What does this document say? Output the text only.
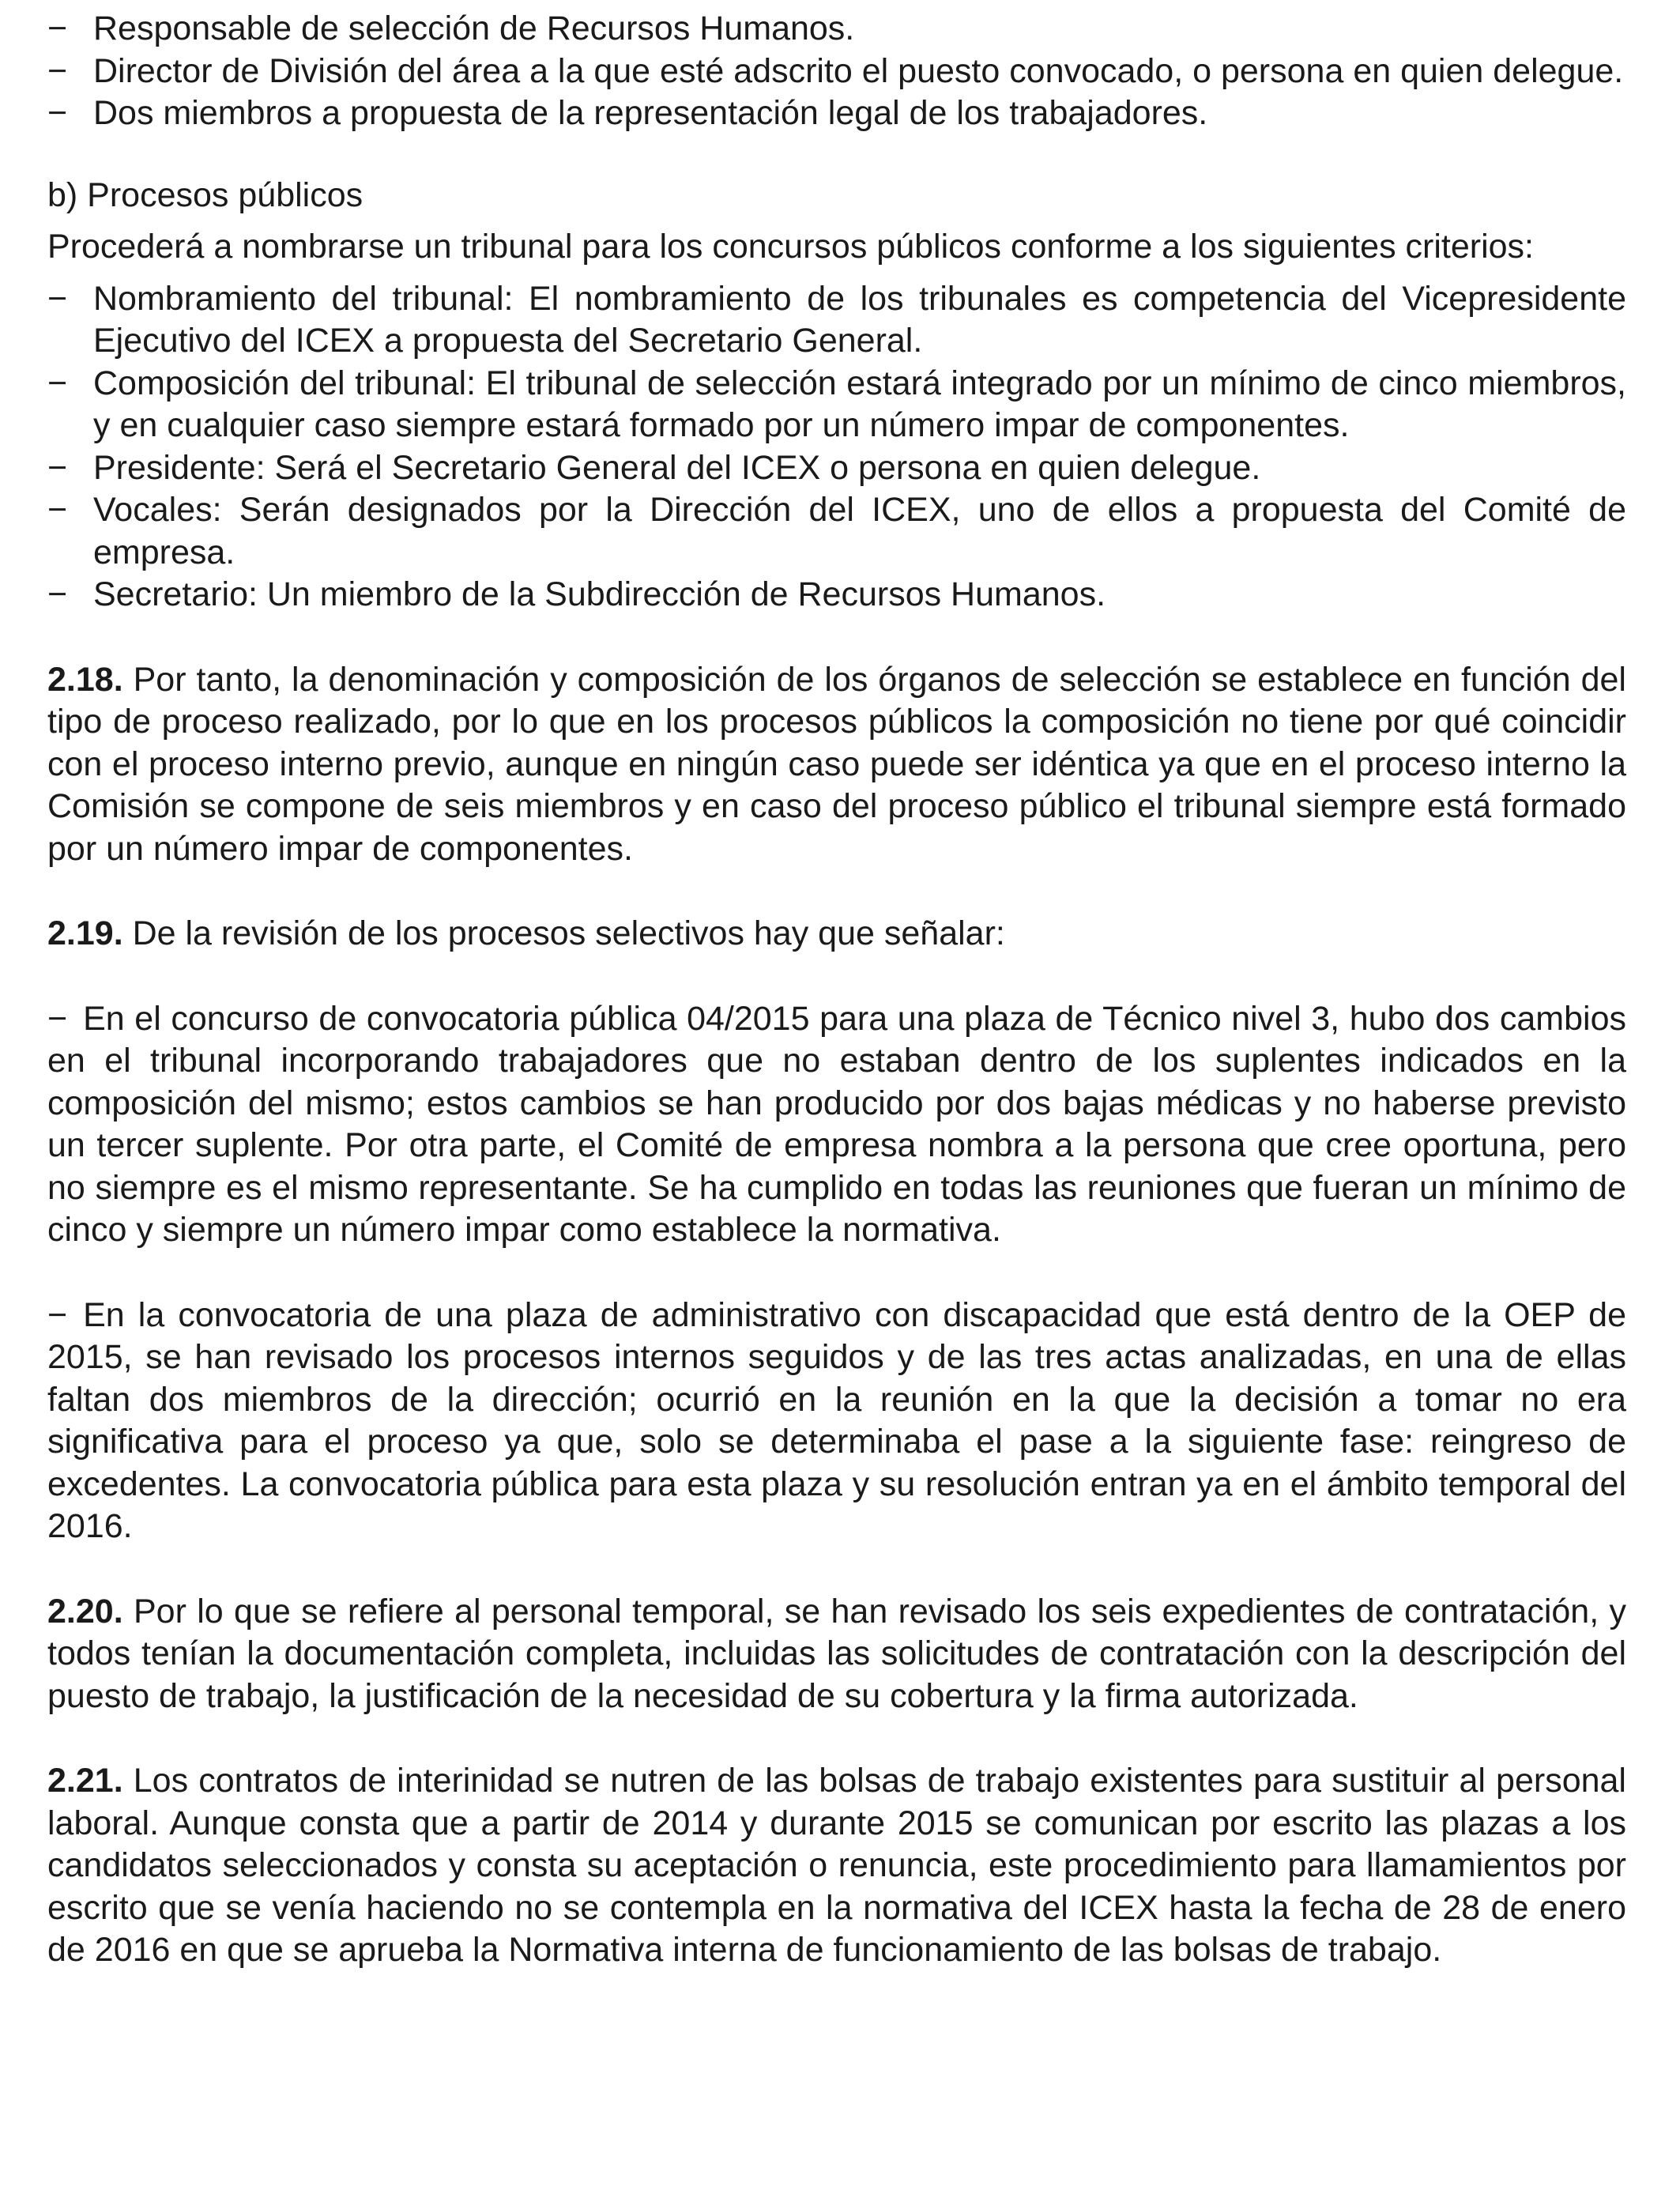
− Responsable de selección de Recursos Humanos.
− Director de División del área a la que esté adscrito el puesto convocado, o persona en quien delegue.
− Dos miembros a propuesta de la representación legal de los trabajadores.

b) Procesos públicos

Procederá a nombrarse un tribunal para los concursos públicos conforme a los siguientes criterios:

− Nombramiento del tribunal: El nombramiento de los tribunales es competencia del Vicepresidente Ejecutivo del ICEX a propuesta del Secretario General.
− Composición del tribunal: El tribunal de selección estará integrado por un mínimo de cinco miembros, y en cualquier caso siempre estará formado por un número impar de componentes.
− Presidente: Será el Secretario General del ICEX o persona en quien delegue.
− Vocales: Serán designados por la Dirección del ICEX, uno de ellos a propuesta del Comité de empresa.
− Secretario: Un miembro de la Subdirección de Recursos Humanos.

2.18. Por tanto, la denominación y composición de los órganos de selección se establece en función del tipo de proceso realizado, por lo que en los procesos públicos la composición no tiene por qué coincidir con el proceso interno previo, aunque en ningún caso puede ser idéntica ya que en el proceso interno la Comisión se compone de seis miembros y en caso del proceso público el tribunal siempre está formado por un número impar de componentes.

2.19. De la revisión de los procesos selectivos hay que señalar:

− En el concurso de convocatoria pública 04/2015 para una plaza de Técnico nivel 3, hubo dos cambios en el tribunal incorporando trabajadores que no estaban dentro de los suplentes indicados en la composición del mismo; estos cambios se han producido por dos bajas médicas y no haberse previsto un tercer suplente. Por otra parte, el Comité de empresa nombra a la persona que cree oportuna, pero no siempre es el mismo representante. Se ha cumplido en todas las reuniones que fueran un mínimo de cinco y siempre un número impar como establece la normativa.

− En la convocatoria de una plaza de administrativo con discapacidad que está dentro de la OEP de 2015, se han revisado los procesos internos seguidos y de las tres actas analizadas, en una de ellas faltan dos miembros de la dirección; ocurrió en la reunión en la que la decisión a tomar no era significativa para el proceso ya que, solo se determinaba el pase a la siguiente fase: reingreso de excedentes. La convocatoria pública para esta plaza y su resolución entran ya en el ámbito temporal del 2016.

2.20. Por lo que se refiere al personal temporal, se han revisado los seis expedientes de contratación, y todos tenían la documentación completa, incluidas las solicitudes de contratación con la descripción del puesto de trabajo, la justificación de la necesidad de su cobertura y la firma autorizada.

2.21. Los contratos de interinidad se nutren de las bolsas de trabajo existentes para sustituir al personal laboral. Aunque consta que a partir de 2014 y durante 2015 se comunican por escrito las plazas a los candidatos seleccionados y consta su aceptación o renuncia, este procedimiento para llamamientos por escrito que se venía haciendo no se contempla en la normativa del ICEX hasta la fecha de 28 de enero de 2016 en que se aprueba la Normativa interna de funcionamiento de las bolsas de trabajo.
